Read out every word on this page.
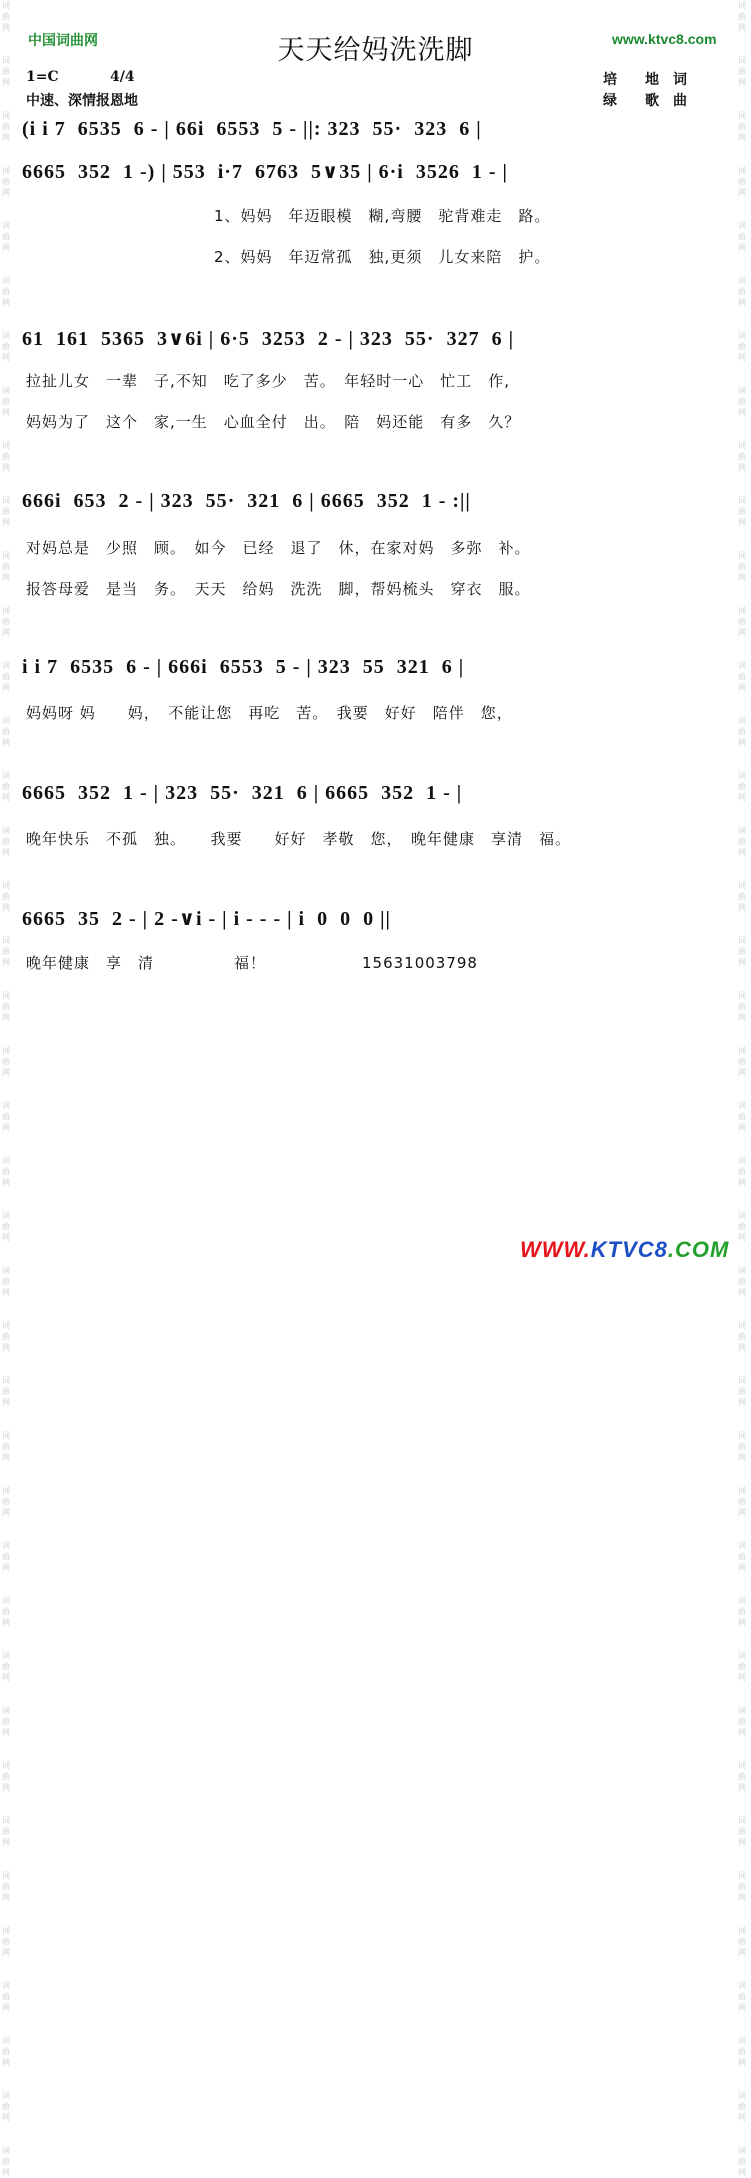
词
曲
网

词
曲
网

词
曲
网

词
曲
网

词
曲
网

词
曲
网

词
曲
网

词
曲
网

词
曲
网

词
曲
网

词
曲
网

词
曲
网

词
曲
网

词
曲
网

词
曲
网

词
曲
网

词
曲
网

词
曲
网

词
曲
网

词
曲
网

词
曲
网

词
曲
网

词
曲
网

词
曲
网

词
曲
网

词
曲
网

词
曲
网

词
曲
网

词
曲
网

词
曲
网

词
曲
网

词
曲
网

词
曲
网

词
曲
网

词
曲
网

词
曲
网

词
曲
网

词
曲
网

词
曲
网

词
曲
网

词
曲
网

词
曲
网

词
曲
网

词
曲
网

词
曲
网

词
曲
网

词
曲
网

词
曲
网

词
曲
网

词
曲
网

词
曲
网

词
曲
网

词
曲
网

词
曲
网

词
曲
网

词
曲
网

词
曲
网

词
曲
网

词
曲
网

词
曲
网

词
曲
网

词
曲
网

词
曲
网

词
曲
网

词
曲
网

词
曲
网

词
曲
网

词
曲
网

词
曲
网

词
曲
网

词
曲
网

词
曲
网

词
曲
网

词
曲
网

词
曲
网

词
曲
网

词
曲
网

词
曲
网

词
曲
网

词
曲
网

中国词曲网	天天给妈洗洗脚	www.ktvc8.com
1=C	4/4
中速、深情报恩地
培　　地　词
绿　　歌　曲
(i i 7  6535  6 - | 66i  6553  5 - ||: 323  55·  323  6 |
6665  352  1 -) | 553  i·7  6763  5∨35 | 6·i  3526  1 - |
1、妈妈　年迈眼模　糊,弯腰　驼背难走　路。
2、妈妈　年迈常孤　独,更须　儿女来陪　护。
61  161  5365  3∨6i | 6·5  3253  2 - | 323  55·  327  6 |
拉扯儿女　一辈　子,不知　吃了多少　苦。　年轻时一心　忙工　作,
妈妈为了　这个　家,一生　心血全付　出。　陪　妈还能　有多　久？
666i  653  2 - | 323  55·  321  6 | 6665  352  1 - :||
对妈总是　少照　顾。　如今　已经　退了　休，在家对妈　多弥　补。
报答母爱　是当　务。　天天　给妈　洗洗　脚，帮妈梳头　穿衣　服。
i i 7  6535  6 - | 666i  6553  5 - | 323  55  321  6 |
妈妈呀 妈　　妈，　不能让您　再吃　苦。　我要　好好　陪伴　您，
6665  352  1 - | 323  55·  321  6 | 6665  352  1 - |
晚年快乐　不孤　独。　　我要　　好好　孝敬　您，　晚年健康　享清　福。
6665  35  2 - | 2 -∨i - | i - - - | i  0  0  0 ||
晚年健康　享　清　　　　　福！　　　　　　15631003798
WWW.KTVC8.COM
